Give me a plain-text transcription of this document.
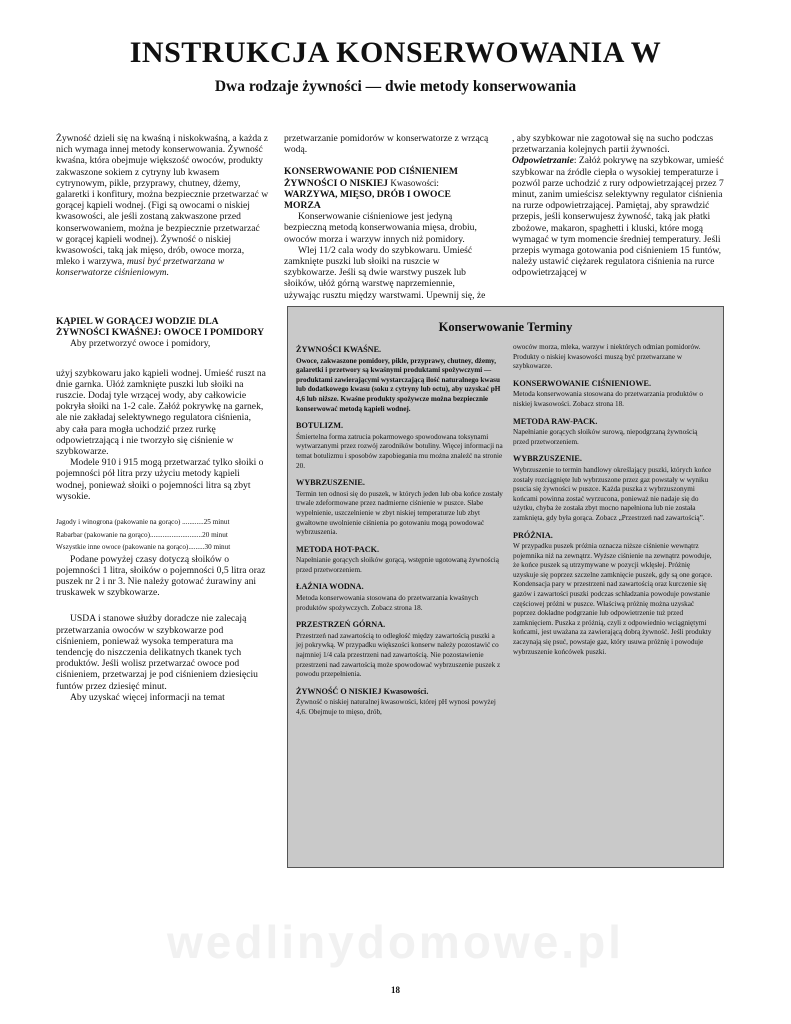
INSTRUKCJA KONSERWOWANIA W
Dwa rodzaje żywności — dwie metody konserwowania

Żywność dzieli się na kwaśną i niskokwaśną, a każda z nich wymaga innej metody konserwowania. Żywność kwaśna, która obejmuje większość owoców, produkty zakwaszone sokiem z cytryny lub kwasem cytrynowym, pikle, przyprawy, chutney, dżemy, galaretki i konfitury, można bezpiecznie przetwarzać w gorącej kąpieli wodnej. (Figi są owocami o niskiej kwasowości, ale jeśli zostaną zakwaszone przed konserwowaniem, można je bezpiecznie przetwarzać w gorącej kąpieli wodnej). Żywność o niskiej kwasowości, taką jak mięso, drób, owoce morza, mleko i warzywa, musi być przetwarzana w konserwatorze ciśnieniowym.

KĄPIEL W GORĄCEJ WODZIE DLA ŻYWNOŚCI KWAŚNEJ: OWOCE I POMIDORY

Aby przetworzyć owoce i pomidory,

użyj szybkowaru jako kąpieli wodnej. Umieść ruszt na dnie garnka. Ułóż zamknięte puszki lub słoiki na ruszcie. Dodaj tyle wrzącej wody, aby całkowicie pokryła słoiki na 1-2 cale. Załóż pokrywkę na garnek, ale nie zakładaj selektywnego regulatora ciśnienia, aby cała para mogła uchodzić przez rurkę odpowietrzającą i nie tworzyło się ciśnienie w szybkowarze.

Modele 910 i 915 mogą przetwarzać tylko słoiki o pojemności pół litra przy użyciu metody kąpieli wodnej, ponieważ słoiki o pojemności litra są zbyt wysokie.

Jagody i winogrona (pakowanie na gorąco) ............25 minut
Rabarbar (pakowanie na gorąco).............................20 minut
Wszystkie inne owoce (pakowanie na gorąco).........30 minut

Podane powyżej czasy dotyczą słoików o pojemności 1 litra, słoików o pojemności 0,5 litra oraz puszek nr 2 i nr 3. Nie należy gotować żurawiny ani truskawek w szybkowarze.

USDA i stanowe służby doradcze nie zalecają przetwarzania owoców w szybkowarze pod ciśnieniem, ponieważ wysoka temperatura ma tendencję do niszczenia delikatnych tkanek tych produktów. Jeśli wolisz przetwarzać owoce pod ciśnieniem, przetwarzaj je pod ciśnieniem dziesięciu funtów przez dziesięć minut.

Aby uzyskać więcej informacji na temat

przetwarzanie pomidorów w konserwatorze z wrzącą wodą.

KONSERWOWANIE POD CIŚNIENIEM ŻYWNOŚCI O NISKIEJ Kwasowości: WARZYWA, MIĘSO, DRÓB I OWOCE MORZA

Konserwowanie ciśnieniowe jest jedyną bezpieczną metodą konserwowania mięsa, drobiu, owoców morza i warzyw innych niż pomidory.

Wlej 11/2 cala wody do szybkowaru. Umieść zamknięte puszki lub słoiki na ruszcie w szybkowarze. Jeśli są dwie warstwy puszek lub słoików, ułóż górną warstwę naprzemiennie, używając rusztu między warstwami. Upewnij się, że

, aby szybkowar nie zagotował się na sucho podczas przetwarzania kolejnych partii żywności.

Odpowietrzanie: Załóż pokrywę na szybkowar, umieść szybkowar na źródle ciepła o wysokiej temperaturze i pozwól parze uchodzić z rury odpowietrzającej przez 7 minut, zanim umieścisz selektywny regulator ciśnienia na rurze odpowietrzającej. Pamiętaj, aby sprawdzić przepis, jeśli konserwujesz żywność, taką jak płatki zbożowe, makaron, spaghetti i kluski, które mogą wymagać w tym momencie średniej temperatury. Jeśli przepis wymaga gotowania pod ciśnieniem 15 funtów, należy ustawić ciężarek regulatora ciśnienia na rurce odpowietrzającej w

Konserwowanie Terminy
ŻYWNOŚCI KWAŚNE.

Owoce, zakwaszone pomidory, pikle, przyprawy, chutney, dżemy, galaretki i przetwory są kwaśnymi produktami spożywczymi — produktami zawierającymi wystarczającą ilość naturalnego kwasu lub dodatkowego kwasu (soku z cytryny lub octu), aby uzyskać pH 4,6 lub niższe. Kwaśne produkty spożywcze można bezpiecznie konserwować metodą kąpieli wodnej.

BOTULIZM.

Śmiertelna forma zatrucia pokarmowego spowodowana toksynami wytwarzanymi przez rozwój zarodników botuliny. Więcej informacji na temat botulizmu i sposobów zapobiegania mu można znaleźć na stronie 20.

WYBRZUSZENIE.

Termin ten odnosi się do puszek, w których jeden lub oba końce zostały trwale zdeformowane przez nadmierne ciśnienie w puszce. Słabe wypełnienie, uszczelnienie w zbyt niskiej temperaturze lub zbyt gwałtowne uwolnienie ciśnienia po gotowaniu mogą powodować wybrzuszenia.

METODA HOT-PACK.

Napełnianie gorących słoików gorącą, wstępnie ugotowaną żywnością przed przetworzeniem.

ŁAŹNIA WODNA.

Metoda konserwowania stosowana do przetwarzania kwaśnych produktów spożywczych. Zobacz strona 18.

PRZESTRZEŃ GÓRNA.

Przestrzeń nad zawartością to odległość między zawartością puszki a jej pokrywką. W przypadku większości konserw należy pozostawić co najmniej 1/4 cala przestrzeni nad zawartością. Nie pozostawienie przestrzeni nad zawartością może spowodować wybrzuszenie puszek z powodu przepełnienia.

ŻYWNOŚĆ O NISKIEJ Kwasowości.

Żywność o niskiej naturalnej kwasowości, której pH wynosi powyżej 4,6. Obejmuje to mięso, drób,

owoców morza, mleka, warzyw i niektórych odmian pomidorów. Produkty o niskiej kwasowości muszą być przetwarzane w szybkowarze.

KONSERWOWANIE CIŚNIENIOWE.

Metoda konserwowania stosowana do przetwarzania produktów o niskiej kwasowości. Zobacz strona 18.

METODA RAW-PACK.

Napełnianie gorących słoików surową, niepodgrzaną żywnością przed przetworzeniem.

WYBRZUSZENIE.

Wybrzuszenie to termin handlowy określający puszki, których końce zostały rozciągnięte lub wybrzuszone przez gaz powstały w wyniku psucia się żywności w puszce. Każda puszka z wybrzuszonymi końcami powinna zostać wyrzucona, ponieważ nie nadaje się do użytku, chyba że została zbyt mocno napełniona lub nie została zamknięta, gdy była gorąca. Zobacz „Przestrzeń nad zawartością”.

PRÓŻNIA.

W przypadku puszek próżnia oznacza niższe ciśnienie wewnątrz pojemnika niż na zewnątrz. Wyższe ciśnienie na zewnątrz powoduje, że końce puszek są utrzymywane w pozycji wklęsłej. Próżnię uzyskuje się poprzez szczelne zamknięcie puszek, gdy są one gorące. Kondensacja pary w przestrzeni nad zawartością oraz kurczenie się gazów i zawartości puszki podczas schładzania powoduje powstanie częściowej próżni w puszce. Właściwą próżnię można uzyskać poprzez dokładne podgrzanie lub odpowietrzenie tuż przed zamknięciem. Puszka z próżnią, czyli z odpowiednio wciągniętymi końcami, jest uważana za zawierającą dobrą żywność. Jeśli produkty zaczynają się psuć, powstaje gaz, który usuwa próżnię i powoduje wybrzuszenie końcówek puszki.

wedlinydomowe.pl
18
